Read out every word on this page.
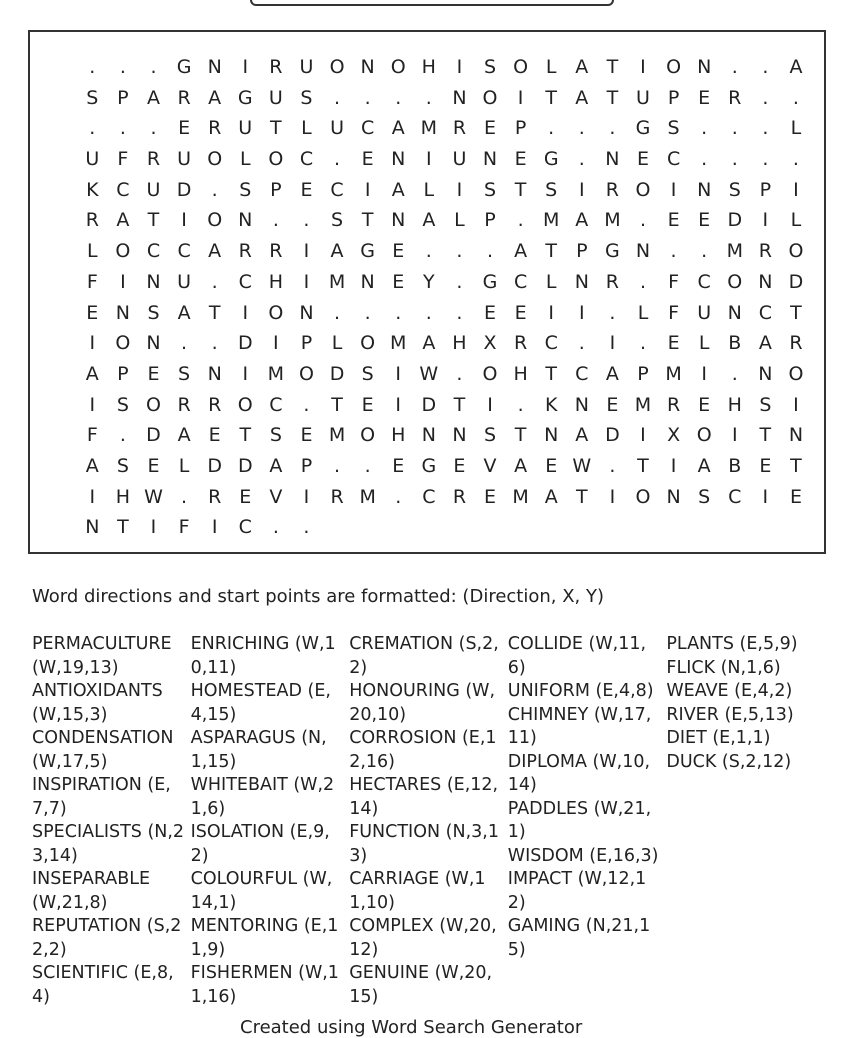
.	.	.	G N	I	R U O N O H	I	S O L A T	I	O N	.	.	A
S P A R A G U S	.	.	.	.	N O	I	T A T U P E R	.	.
.	.	.	E R U T	L U C A M R E P	.	.	.	G S	.	.	.	L
U F R U O L O C	.	E N	I	U N E G	.	N E C	.	.	.	.
K C U D	.	S P E C	I	A L	I	S T S	I	R O	I	N S P	I
R A T	I	O N	.	.	S T N A L	P	.	M A M	.	E E D	I	L
L O C C A R R	I	A G E	.	.	.	A T	P G N	.	.	M R O
F	I	N U	.	C H	I	M N E Y	.	G C L N R	.	F C O N D
E N S A T	I	O N	.	.	.	.	.	E E	I	I	.	L	F U N C T
I	O N	.	.	D	I	P	L O M A H X R C	.	I	.	E	L B A R
A P E S N	I	M O D S	I W .	O H T C A P M	I	.	N O
I	S O R R O C	.	T E	I	D T	I	.	K N E M R E H S	I
F	.	D A E T S E M O H N N S T N A D	I	X O	I	T N
A S E	L D D A P	.	.	E G E V A E W .	T	I	A B E T
I	H W .	R E V	I	R M	.	C R E M A T	I	O N S C	I	E
N T	I	F	I	C	.	.
Word directions and start points are formatted: (Direction, X, Y)
PERMACULTURE (W,19,13)
ANTIOXIDANTS (W,15,3)
CONDENSATION (W,17,5)
INSPIRATION (E,7,7)
SPECIALISTS (N,23,14)
INSEPARABLE (W,21,8)
REPUTATION (S,22,2)
SCIENTIFIC (E,8,4)
ENRICHING (W,10,11)
HOMESTEAD (E,4,15)
ASPARAGUS (N,1,15)
WHITEBAIT (W,21,6)
ISOLATION (E,9,2)
COLOURFUL (W,14,1)
MENTORING (E,11,9)
FISHERMEN (W,11,16)
CREMATION (S,2,2)
HONOURING (W,20,10)
CORROSION (E,12,16)
HECTARES (E,12,14)
FUNCTION (N,3,13)
CARRIAGE (W,11,10)
COMPLEX (W,20,12)
GENUINE (W,20,15)
COLLIDE (W,11,6)
UNIFORM (E,4,8)
CHIMNEY (W,17,11)
DIPLOMA (W,10,14)
PADDLES (W,21,1)
WISDOM (E,16,3)
IMPACT (W,12,12)
GAMING (N,21,15)
PLANTS (E,5,9)
FLICK (N,1,6)
WEAVE (E,4,2)
RIVER (E,5,13)
DIET (E,1,1)
DUCK (S,2,12)
Created using Word Search Generator
